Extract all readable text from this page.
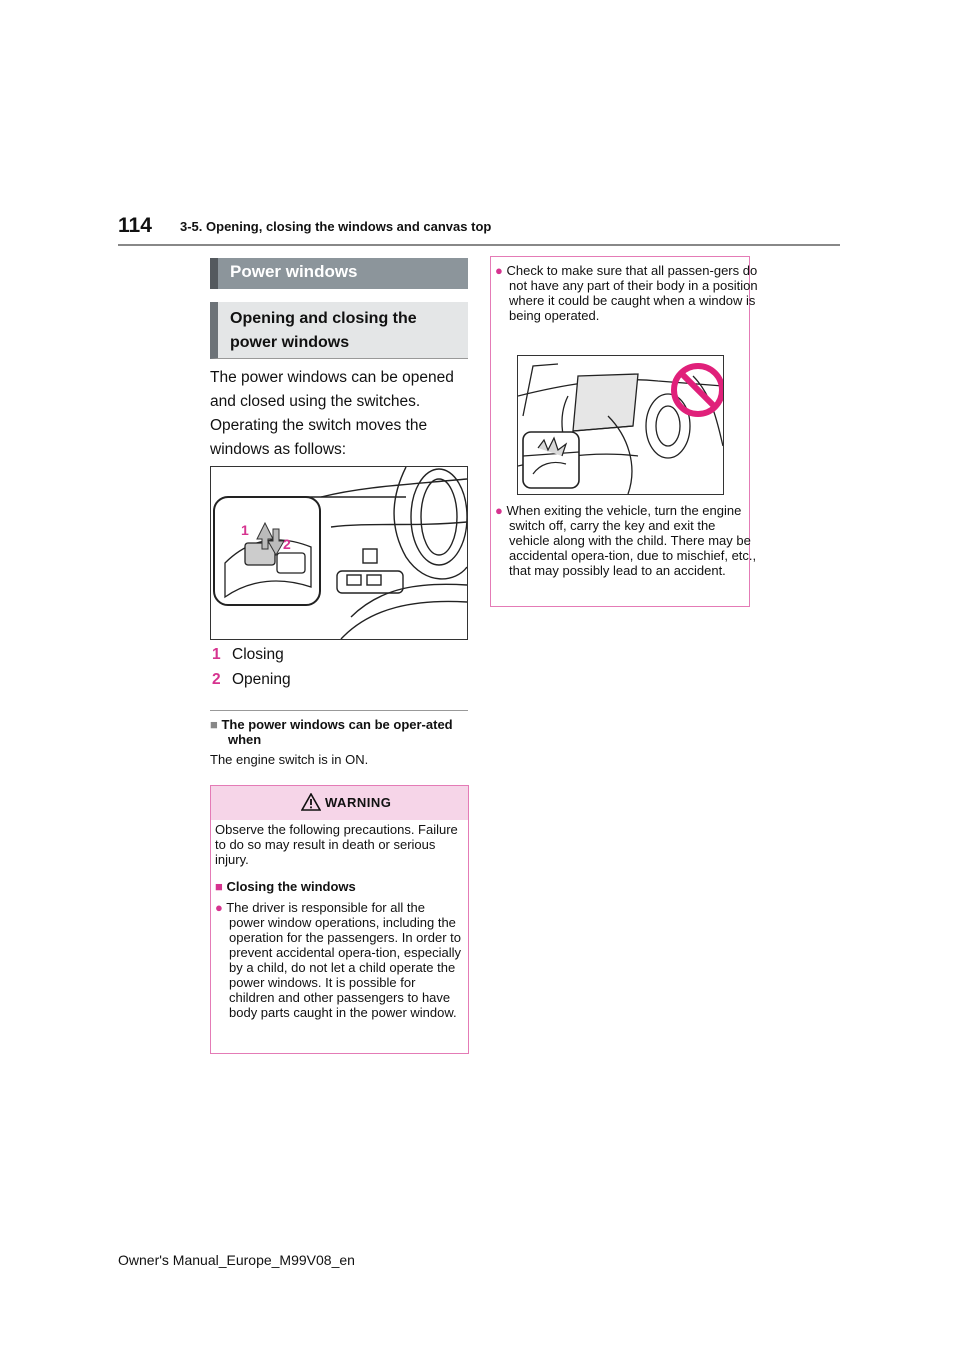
114 3-5. Opening, closing the windows and canvas top
Power windows
Opening and closing the
power windows
The power windows can be opened and closed using the switches. Operating the switch moves the windows as follows:
1
2
1 Closing
2 Opening
■ The power windows can be oper-ated when
The engine switch is in ON.
WARNING
Observe the following precautions. Failure to do so may result in death or serious injury.
■ Closing the windows
● The driver is responsible for all the power window operations, including the operation for the passengers. In order to prevent accidental opera-tion, especially by a child, do not let a child operate the power windows. It is possible for children and other passengers to have body parts caught in the power window.
● Check to make sure that all passen-gers do not have any part of their body in a position where it could be caught when a window is being operated.
● When exiting the vehicle, turn the engine switch off, carry the key and exit the vehicle along with the child. There may be accidental opera-tion, due to mischief, etc., that may possibly lead to an accident.
Owner's Manual_Europe_M99V08_en
